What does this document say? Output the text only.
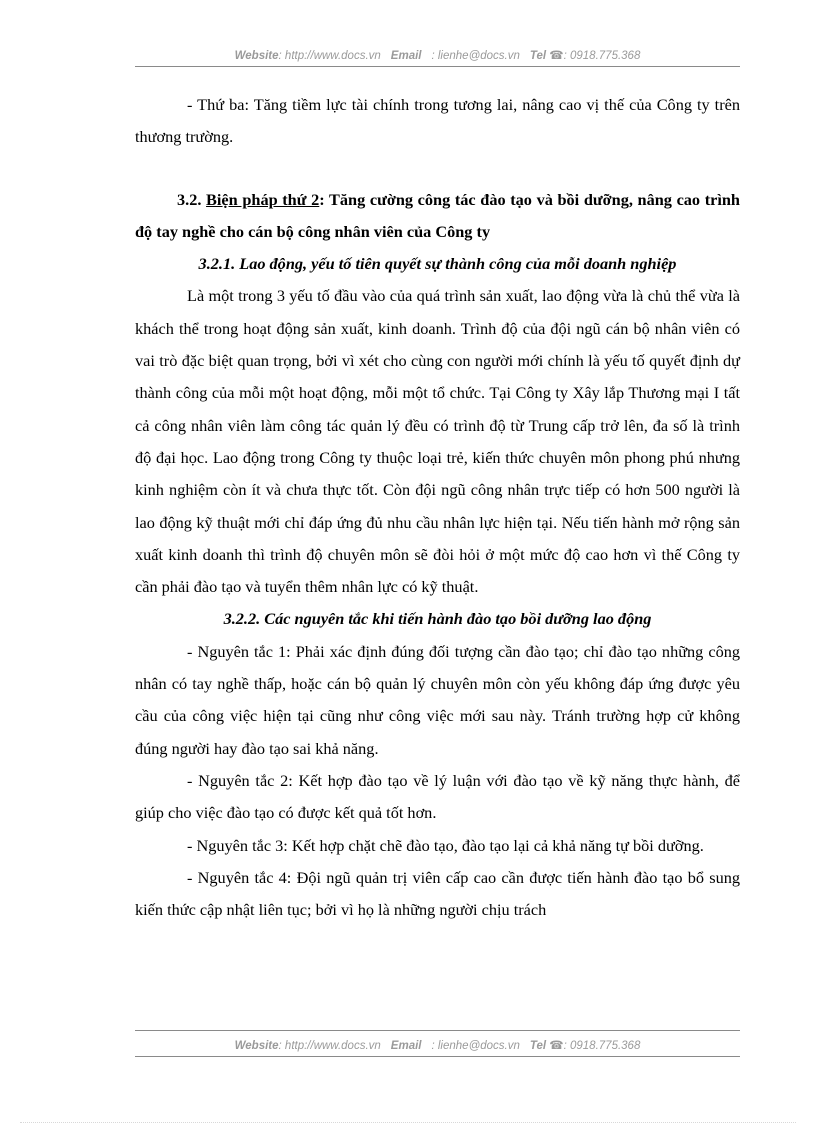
Website: http://www.docs.vn Email : lienhe@docs.vn Tel ☎: 0918.775.368

- Thứ ba: Tăng tiềm lực tài chính trong tương lai, nâng cao vị thế của Công ty trên thương trường.

3.2. Biện pháp thứ 2: Tăng cường công tác đào tạo và bồi dưỡng, nâng cao trình độ tay nghề cho cán bộ công nhân viên của Công ty

3.2.1. Lao động, yếu tố tiên quyết sự thành công của mỗi doanh nghiệp

Là một trong 3 yếu tố đầu vào của quá trình sản xuất, lao động vừa là chủ thể vừa là khách thể trong hoạt động sản xuất, kinh doanh. Trình độ của đội ngũ cán bộ nhân viên có vai trò đặc biệt quan trọng, bởi vì xét cho cùng con người mới chính là yếu tố quyết định dự thành công của mỗi một hoạt động, mỗi một tổ chức. Tại Công ty Xây lắp Thương mại I tất cả công nhân viên làm công tác quản lý đều có trình độ từ Trung cấp trở lên, đa số là trình độ đại học. Lao động trong Công ty thuộc loại trẻ, kiến thức chuyên môn phong phú nhưng kinh nghiệm còn ít và chưa thực tốt. Còn đội ngũ công nhân trực tiếp có hơn 500 người là lao động kỹ thuật mới chỉ đáp ứng đủ nhu cầu nhân lực hiện tại. Nếu tiến hành mở rộng sản xuất kinh doanh thì trình độ chuyên môn sẽ đòi hỏi ở một mức độ cao hơn vì thế Công ty cần phải đào tạo và tuyển thêm nhân lực có kỹ thuật.

3.2.2. Các nguyên tắc khi tiến hành đào tạo bồi dưỡng lao động

- Nguyên tắc 1: Phải xác định đúng đối tượng cần đào tạo; chỉ đào tạo những công nhân có tay nghề thấp, hoặc cán bộ quản lý chuyên môn còn yếu không đáp ứng được yêu cầu của công việc hiện tại cũng như công việc mới sau này. Tránh trường hợp cử không đúng người hay đào tạo sai khả năng.

- Nguyên tắc 2: Kết hợp đào tạo về lý luận với đào tạo về kỹ năng thực hành, để giúp cho việc đào tạo có được kết quả tốt hơn.

- Nguyên tắc 3: Kết hợp chặt chẽ đào tạo, đào tạo lại cả khả năng tự bồi dưỡng.

- Nguyên tắc 4: Đội ngũ quản trị viên cấp cao cần được tiến hành đào tạo bổ sung kiến thức cập nhật liên tục; bởi vì họ là những người chịu trách

Website: http://www.docs.vn Email : lienhe@docs.vn Tel ☎: 0918.775.368
